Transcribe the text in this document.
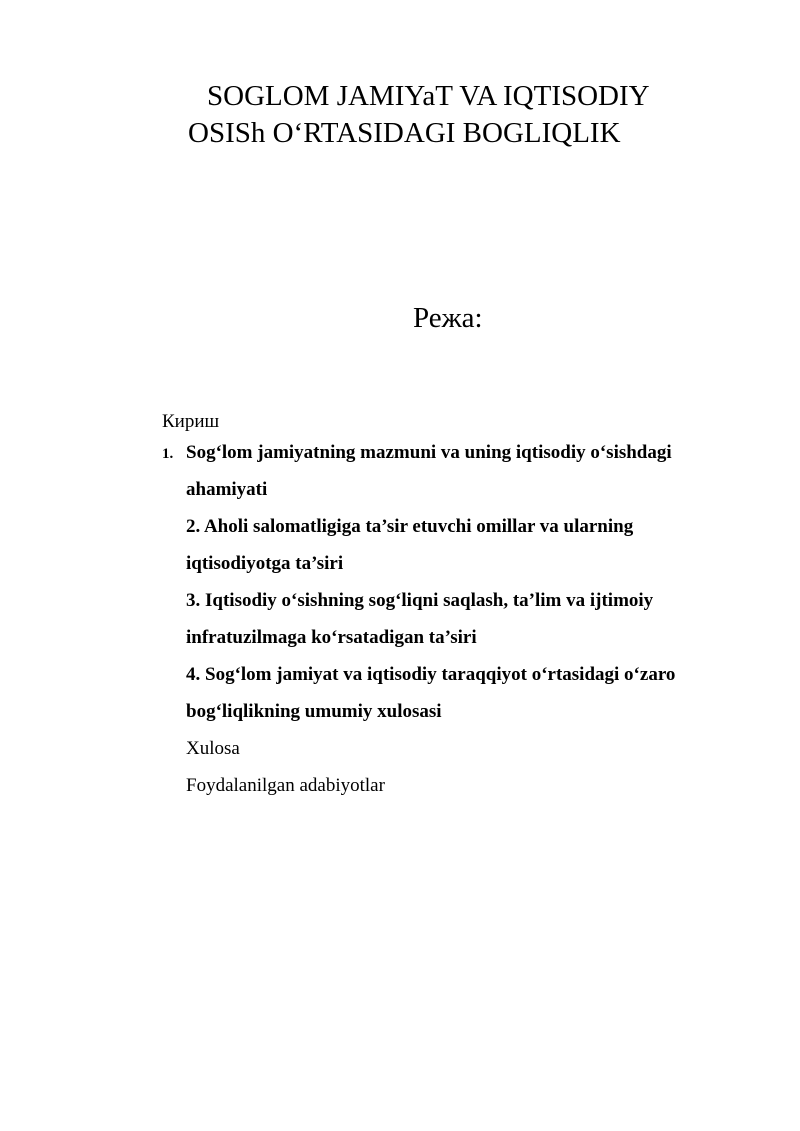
SOGLOM JAMIYaT VA IQTISODIY
OSISh O‘RTASIDAGI BOGLIQLIK
Режа:
Кириш
1. Sog‘lom jamiyatning mazmuni va uning iqtisodiy o‘sishdagi
ahamiyati
2. Aholi salomatligiga ta’sir etuvchi omillar va ularning
iqtisodiyotga ta’siri
3. Iqtisodiy o‘sishning sog‘liqni saqlash, ta’lim va ijtimoiy
infratuzilmaga ko‘rsatadigan ta’siri
4. Sog‘lom jamiyat va iqtisodiy taraqqiyot o‘rtasidagi o‘zaro
bog‘liqlikning umumiy xulosasi
Xulosa
Foydalanilgan adabiyotlar
